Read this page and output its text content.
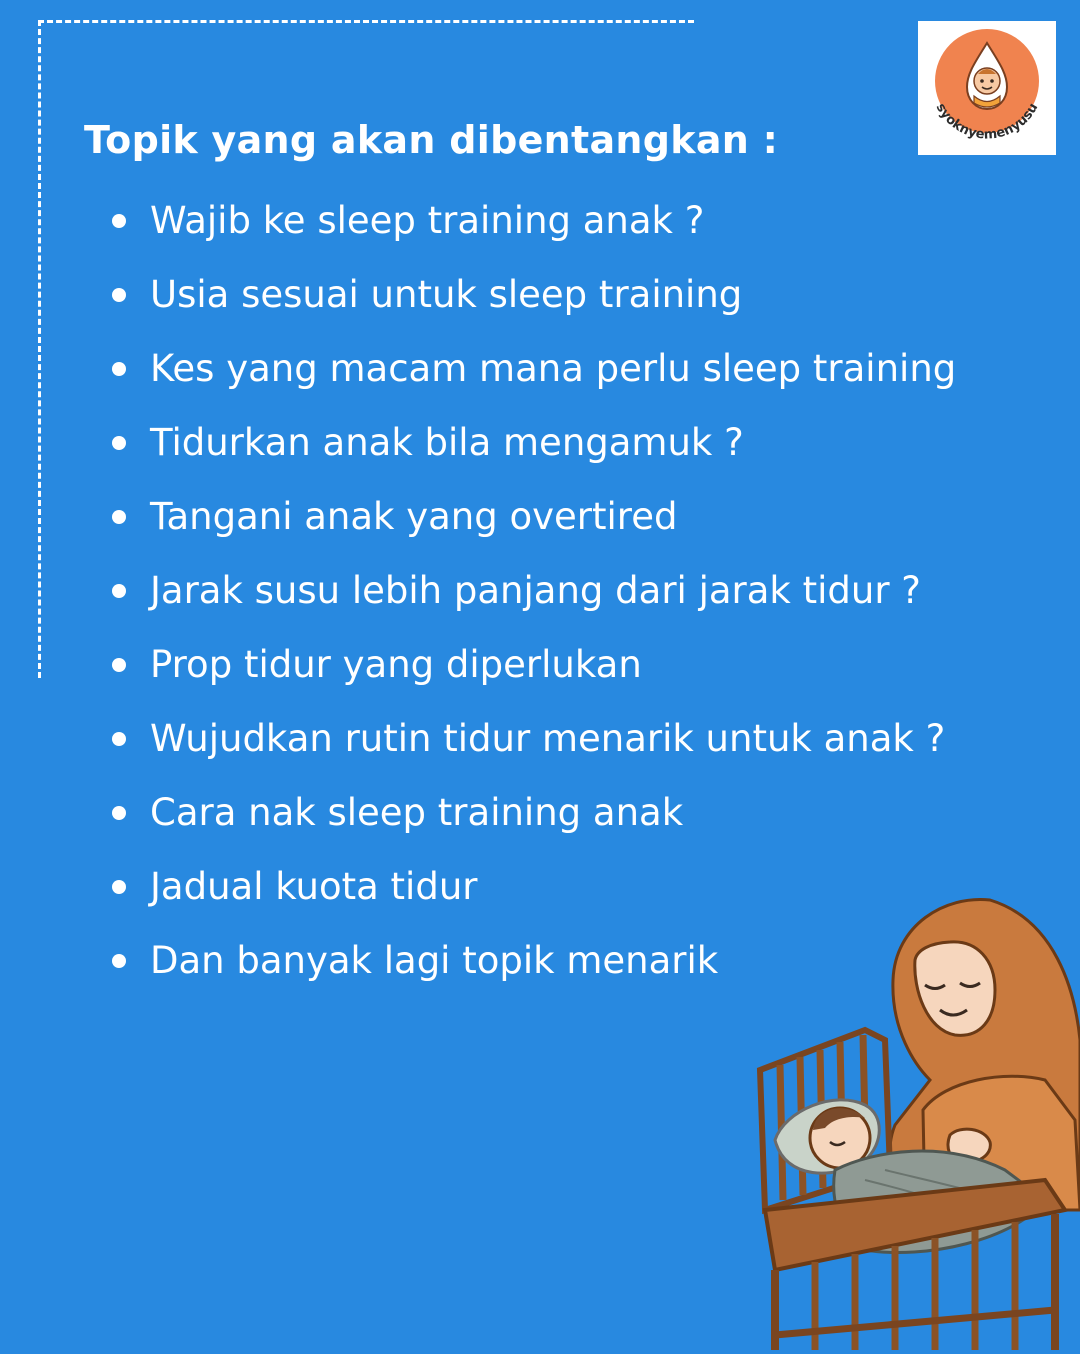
Topik yang akan dibentangkan :
Wajib ke sleep training anak ?
Usia sesuai untuk sleep training
Kes yang macam mana perlu sleep training
Tidurkan anak bila mengamuk ?
Tangani anak yang overtired
Jarak susu lebih panjang dari jarak tidur ?
Prop tidur yang diperlukan
Wujudkan rutin tidur menarik untuk anak ?
Cara nak sleep training anak
Jadual kuota tidur
Dan banyak lagi topik menarik
syoknyemenyusu
